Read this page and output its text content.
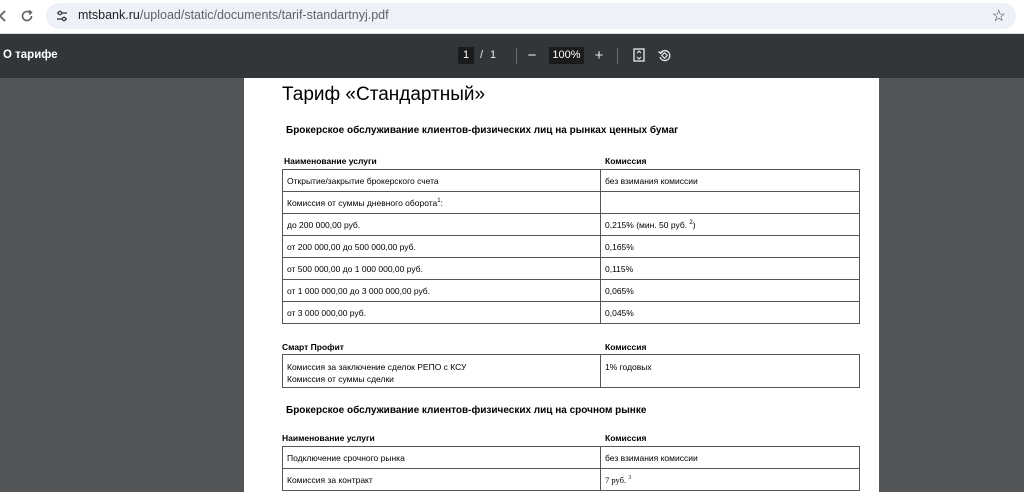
mtsbank.ru/upload/static/documents/tarif-standartnyj.pdf	☆
О тарифе	1 / 1	−	100% +
Тариф «Стандартный»
Брокерское обслуживание клиентов-физических лиц на рынках ценных бумаг
Наименование услуги	Комиссия
Открытие/закрытие брокерского счета	без взимания комиссии
Комиссия от суммы дневного оборота$^1$:	
до 200 000,00 руб.	0,215% (мин. 50 руб. $^2$)
от 200 000,00 до 500 000,00 руб.	0,165%
от 500 000,00 до 1 000 000,00 руб.	0,115%
от 1 000 000,00 до 3 000 000,00 руб.	0,065%
от 3 000 000,00 руб.	0,045%
Смарт Профит	Комиссия
Комиссия за заключение сделок РЕПО с КСУ
Комиссия от суммы сделки	1% годовых
Брокерское обслуживание клиентов-физических лиц на срочном рынке
Наименование услуги	Комиссия
Подключение срочного рынка	без взимания комиссии
Комиссия за контракт	7 руб. $^3$
